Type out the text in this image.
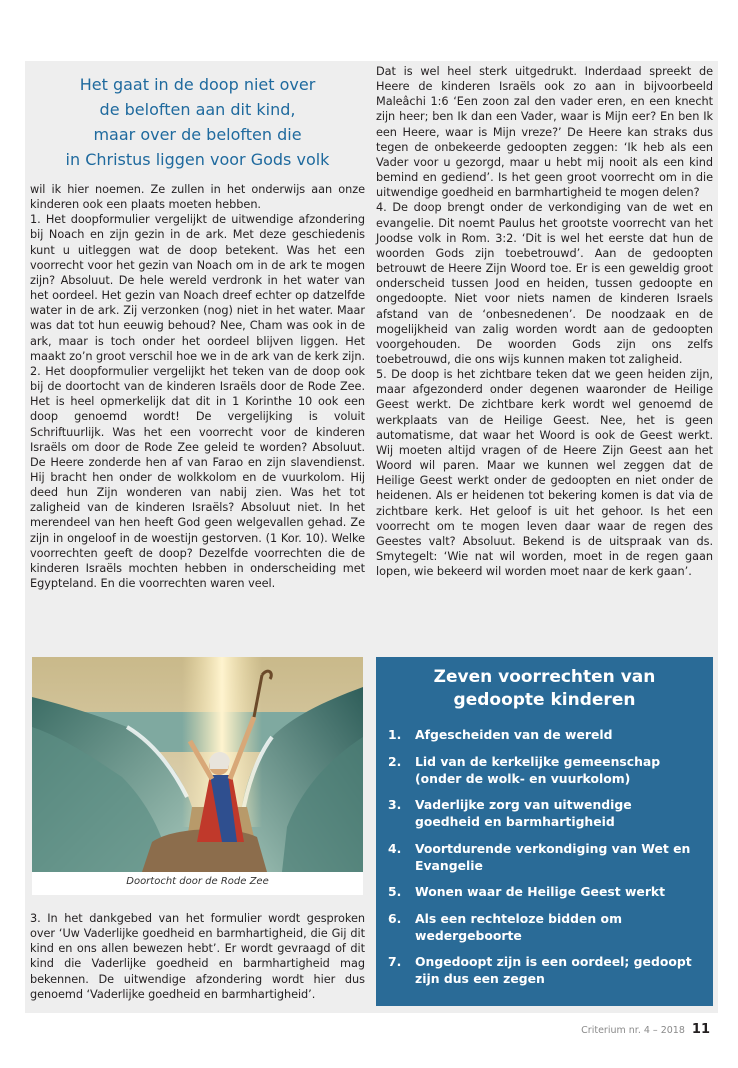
Het gaat in de doop niet over
de beloften aan dit kind,
maar over de beloften die
in Christus liggen voor Gods volk

wil ik hier noemen. Ze zullen in het onderwijs aan onze kinderen ook een plaats moeten hebben.

1. Het doopformulier vergelijkt de uitwendige afzondering bij Noach en zijn gezin in de ark. Met deze geschiedenis kunt u uitleggen wat de doop betekent. Was het een voorrecht voor het gezin van Noach om in de ark te mogen zijn? Absoluut. De hele wereld verdronk in het water van het oordeel. Het gezin van Noach dreef echter op datzelfde water in de ark. Zij verzonken (nog) niet in het water. Maar was dat tot hun eeuwig behoud? Nee, Cham was ook in de ark, maar is toch onder het oordeel blijven liggen. Het maakt zo’n groot verschil hoe we in de ark van de kerk zijn.

2. Het doopformulier vergelijkt het teken van de doop ook bij de doortocht van de kinderen Israëls door de Rode Zee. Het is heel opmerkelijk dat dit in 1 Korinthe 10 ook een doop genoemd wordt! De vergelijking is voluit Schriftuurlijk. Was het een voorrecht voor de kinderen Israëls om door de Rode Zee geleid te worden? Absoluut. De Heere zonderde hen af van Farao en zijn slavendienst. Hij bracht hen onder de wolkkolom en de vuurkolom. Hij deed hun Zijn wonderen van nabij zien. Was het tot zaligheid van de kinderen Israëls? Absoluut niet. In het merendeel van hen heeft God geen welgevallen gehad. Ze zijn in ongeloof in de woestijn gestorven. (1 Kor. 10). Welke voorrechten geeft de doop? Dezelfde voorrechten die de kinderen Israëls mochten hebben in onderscheiding met Egypteland. En die voorrechten waren veel.

Doortocht door de Rode Zee

3. In het dankgebed van het formulier wordt gesproken over ‘Uw Vaderlijke goedheid en barmhartigheid, die Gij dit kind en ons allen bewezen hebt’. Er wordt gevraagd of dit kind die Vaderlijke goedheid en barmhartigheid mag bekennen. De uitwendige afzondering wordt hier dus genoemd ‘Vaderlijke goedheid en barmhartigheid’.

Dat is wel heel sterk uitgedrukt. Inderdaad spreekt de Heere de kinderen Israëls ook zo aan in bijvoorbeeld Maleâchi 1:6 ‘Een zoon zal den vader eren, en een knecht zijn heer; ben Ik dan een Vader, waar is Mijn eer? En ben Ik een Heere, waar is Mijn vreze?’ De Heere kan straks dus tegen de onbekeerde gedoopten zeggen: ‘Ik heb als een Vader voor u gezorgd, maar u hebt mij nooit als een kind bemind en gediend’. Is het geen groot voorrecht om in die uitwendige goedheid en barmhartigheid te mogen delen?

4. De doop brengt onder de verkondiging van de wet en evangelie. Dit noemt Paulus het grootste voorrecht van het Joodse volk in Rom. 3:2. ‘Dit is wel het eerste dat hun de woorden Gods zijn toebetrouwd’. Aan de gedoopten betrouwt de Heere Zijn Woord toe. Er is een geweldig groot onderscheid tussen Jood en heiden, tussen gedoopte en ongedoopte. Niet voor niets namen de kinderen Israels afstand van de ‘onbesnedenen’. De noodzaak en de mogelijkheid van zalig worden wordt aan de gedoopten voorgehouden. De woorden Gods zijn ons zelfs toebetrouwd, die ons wijs kunnen maken tot zaligheid.

5. De doop is het zichtbare teken dat we geen heiden zijn, maar afgezonderd onder degenen waaronder de Heilige Geest werkt. De zichtbare kerk wordt wel genoemd de werkplaats van de Heilige Geest. Nee, het is geen automatisme, dat waar het Woord is ook de Geest werkt. Wij moeten altijd vragen of de Heere Zijn Geest aan het Woord wil paren. Maar we kunnen wel zeggen dat de Heilige Geest werkt onder de gedoopten en niet onder de heidenen. Als er heidenen tot bekering komen is dat via de zichtbare kerk. Het geloof is uit het gehoor. Is het een voorrecht om te mogen leven daar waar de regen des Geestes valt? Absoluut. Bekend is de uitspraak van ds. Smytegelt: ‘Wie nat wil worden, moet in de regen gaan lopen, wie bekeerd wil worden moet naar de kerk gaan’.

Zeven voorrechten van
gedoopte kinderen
1.	Afgescheiden van de wereld
2.	Lid van de kerkelijke gemeenschap (onder de wolk- en vuurkolom)
3.	Vaderlijke zorg van uitwendige goedheid en barmhartigheid
4.	Voortdurende verkondiging van Wet en Evangelie
5.	Wonen waar de Heilige Geest werkt
6.	Als een rechteloze bidden om wedergeboorte
7.	Ongedoopt zijn is een oordeel; gedoopt zijn dus een zegen
Criterium nr. 4 – 2018 11
